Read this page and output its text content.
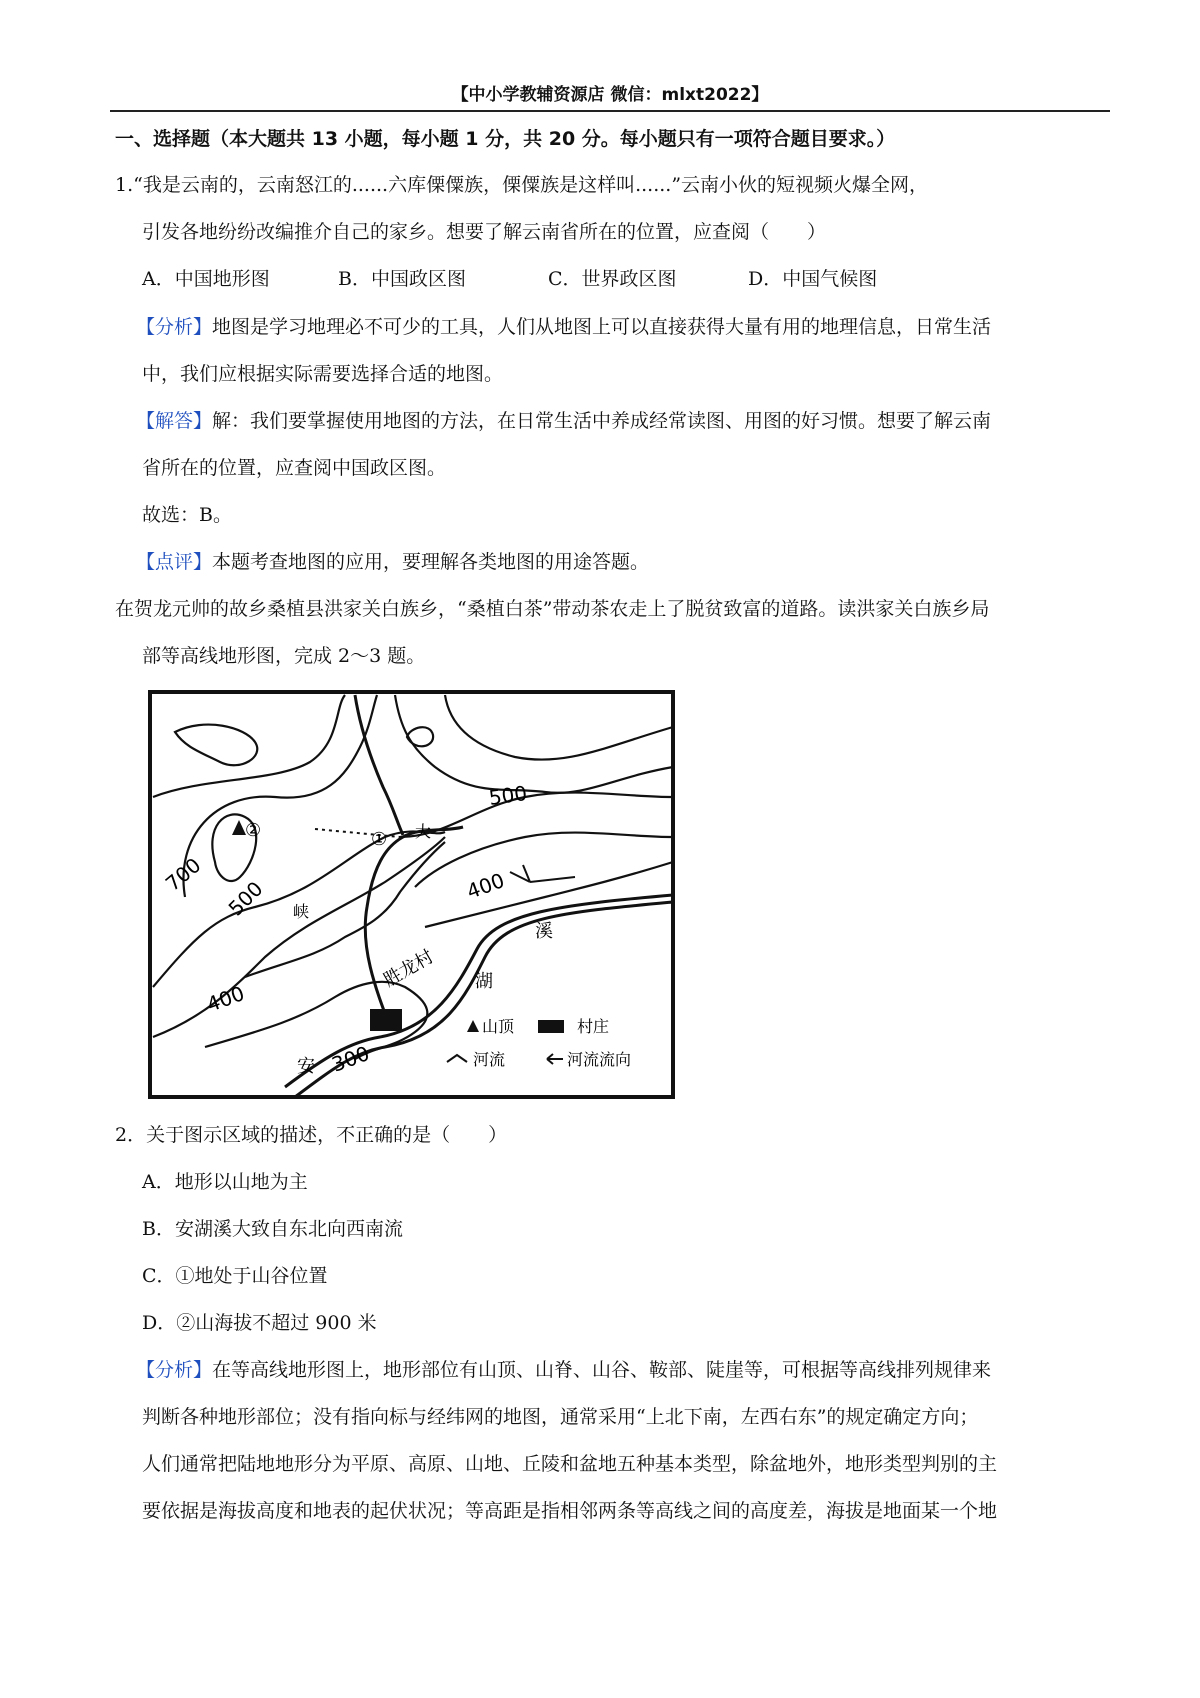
【中小学教辅资源店 微信：mlxt2022】
一、选择题（本大题共 13 小题，每小题 1 分，共 20 分。每小题只有一项符合题目要求。）
1.“我是云南的，云南怒江的......六库傈僳族，傈僳族是这样叫......”云南小伙的短视频火爆全网，
引发各地纷纷改编推介自己的家乡。想要了解云南省所在的位置，应查阅（　　）
A．中国地形图	B．中国政区图	C．世界政区图	D．中国气候图
【分析】地图是学习地理必不可少的工具，人们从地图上可以直接获得大量有用的地理信息，日常生活
中，我们应根据实际需要选择合适的地图。
【解答】解：我们要掌握使用地图的方法，在日常生活中养成经常读图、用图的好习惯。想要了解云南
省所在的位置，应查阅中国政区图。
故选：B。
【点评】本题考查地图的应用，要理解各类地图的用途答题。
在贺龙元帅的故乡桑植县洪家关白族乡，“桑植白茶”带动茶农走上了脱贫致富的道路。读洪家关白族乡局
部等高线地形图，完成 2～3 题。
②	①
500
700
500	400
400
300
溪
湖
安
峡
大
胜龙村
山顶	村庄
河流	河流流向
2．关于图示区域的描述，不正确的是（　　）
A．地形以山地为主
B．安湖溪大致自东北向西南流
C．①地处于山谷位置
D．②山海拔不超过 900 米
【分析】在等高线地形图上，地形部位有山顶、山脊、山谷、鞍部、陡崖等，可根据等高线排列规律来
判断各种地形部位；没有指向标与经纬网的地图，通常采用“上北下南，左西右东”的规定确定方向；
人们通常把陆地地形分为平原、高原、山地、丘陵和盆地五种基本类型，除盆地外，地形类型判别的主
要依据是海拔高度和地表的起伏状况；等高距是指相邻两条等高线之间的高度差，海拔是地面某一个地
